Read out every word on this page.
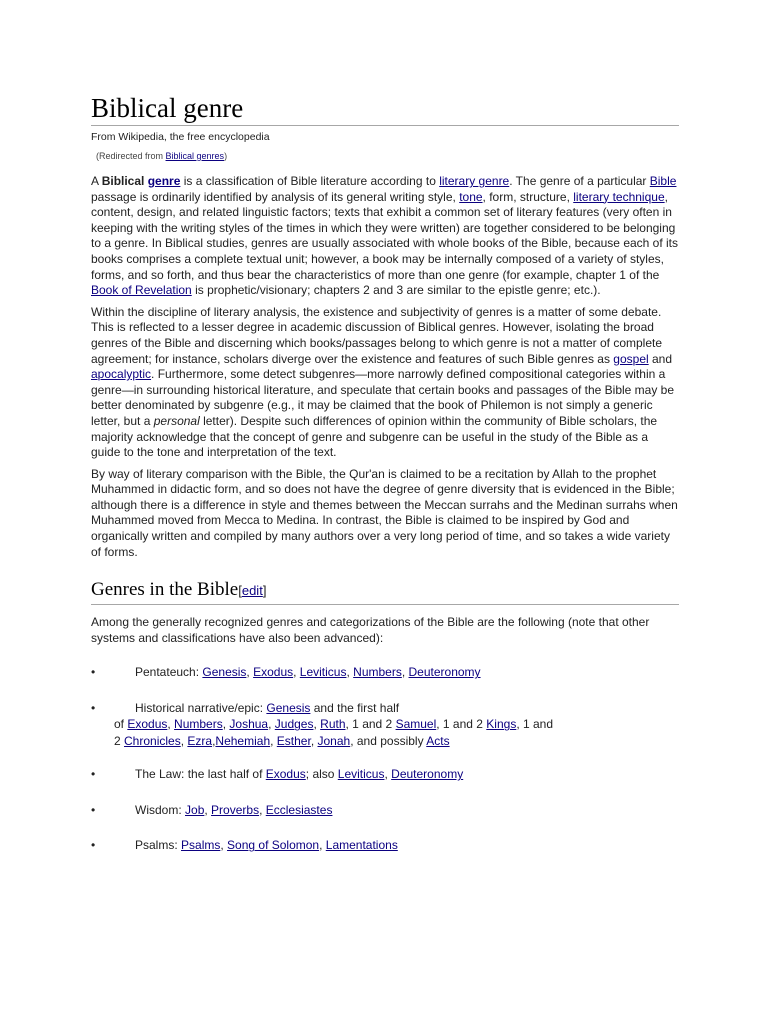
Biblical genre
From Wikipedia, the free encyclopedia
(Redirected from Biblical genres)

A Biblical genre is a classification of Bible literature according to literary genre. The genre of a particular Bible passage is ordinarily identified by analysis of its general writing style, tone, form, structure, literary technique, content, design, and related linguistic factors; texts that exhibit a common set of literary features (very often in keeping with the writing styles of the times in which they were written) are together considered to be belonging to a genre. In Biblical studies, genres are usually associated with whole books of the Bible, because each of its books comprises a complete textual unit; however, a book may be internally composed of a variety of styles, forms, and so forth, and thus bear the characteristics of more than one genre (for example, chapter 1 of the Book of Revelation is prophetic/visionary; chapters 2 and 3 are similar to the epistle genre; etc.).

Within the discipline of literary analysis, the existence and subjectivity of genres is a matter of some debate. This is reflected to a lesser degree in academic discussion of Biblical genres. However, isolating the broad genres of the Bible and discerning which books/passages belong to which genre is not a matter of complete agreement; for instance, scholars diverge over the existence and features of such Bible genres as gospel and apocalyptic. Furthermore, some detect subgenres—more narrowly defined compositional categories within a genre—in surrounding historical literature, and speculate that certain books and passages of the Bible may be better denominated by subgenre (e.g., it may be claimed that the book of Philemon is not simply a generic letter, but a personal letter). Despite such differences of opinion within the community of Bible scholars, the majority acknowledge that the concept of genre and subgenre can be useful in the study of the Bible as a guide to the tone and interpretation of the text.

By way of literary comparison with the Bible, the Qur'an is claimed to be a recitation by Allah to the prophet Muhammed in didactic form, and so does not have the degree of genre diversity that is evidenced in the Bible; although there is a difference in style and themes between the Meccan surrahs and the Medinan surrahs when Muhammed moved from Mecca to Medina. In contrast, the Bible is claimed to be inspired by God and organically written and compiled by many authors over a very long period of time, and so takes a wide variety of forms.

Genres in the Bible[edit]

Among the generally recognized genres and categorizations of the Bible are the following (note that other systems and classifications have also been advanced):

•	Pentateuch: Genesis, Exodus, Leviticus, Numbers, Deuteronomy
•	Historical narrative/epic: Genesis and the first half
of Exodus, Numbers, Joshua, Judges, Ruth, 1 and 2 Samuel, 1 and 2 Kings, 1 and
2 Chronicles, Ezra,Nehemiah, Esther, Jonah, and possibly Acts
•	The Law: the last half of Exodus; also Leviticus, Deuteronomy
•	Wisdom: Job, Proverbs, Ecclesiastes
•	Psalms: Psalms, Song of Solomon, Lamentations
